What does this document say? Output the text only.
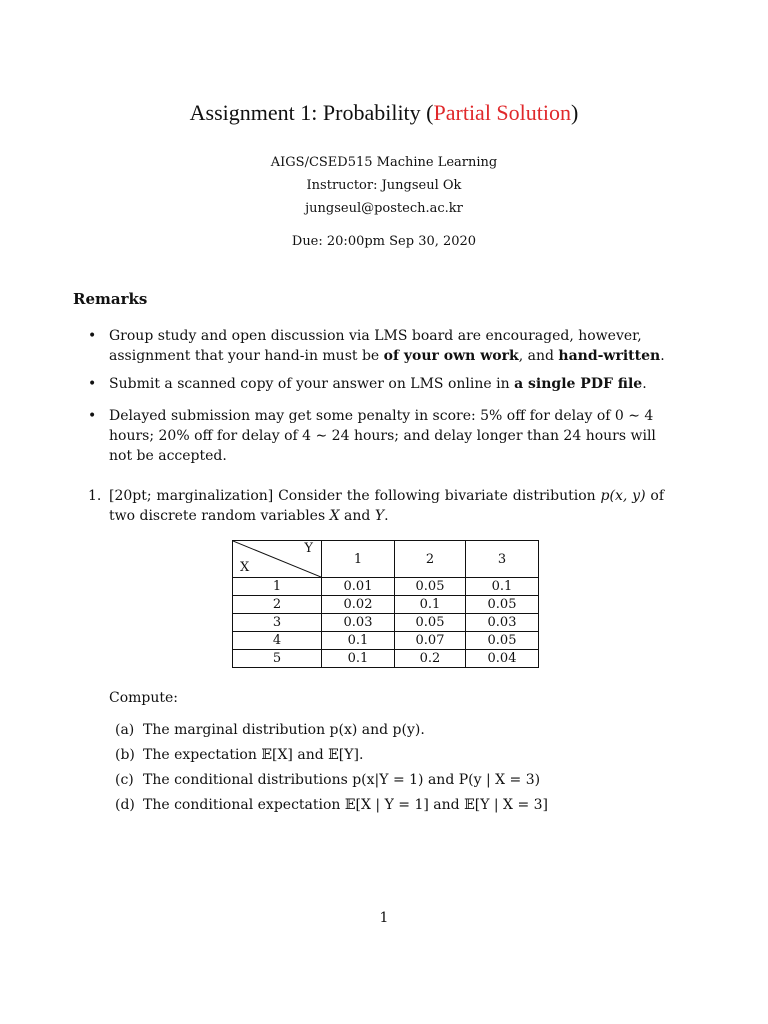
Assignment 1: Probability (Partial Solution)
AIGS/CSED515 Machine Learning
Instructor: Jungseul Ok
jungseul@postech.ac.kr
Due: 20:00pm Sep 30, 2020
Remarks
• Group study and open discussion via LMS board are encouraged, however, assignment that your hand-in must be of your own work, and hand-written.
• Submit a scanned copy of your answer on LMS online in a single PDF file.
• Delayed submission may get some penalty in score: 5% off for delay of 0 ∼ 4 hours; 20% off for delay of 4 ∼ 24 hours; and delay longer than 24 hours will not be accepted.
1. [20pt; marginalization] Consider the following bivariate distribution p(x, y) of two discrete random variables X and Y.
Y
X	1	2	3
1	0.01	0.05	0.1
2	0.02	0.1	0.05
3	0.03	0.05	0.03
4	0.1	0.07	0.05
5	0.1	0.2	0.04
Compute:
(a) The marginal distribution p(x) and p(y).
(b) The expectation 𝔼[X] and 𝔼[Y].
(c) The conditional distributions p(x|Y = 1) and P(y | X = 3)
(d) The conditional expectation 𝔼[X | Y = 1] and 𝔼[Y | X = 3]
1
